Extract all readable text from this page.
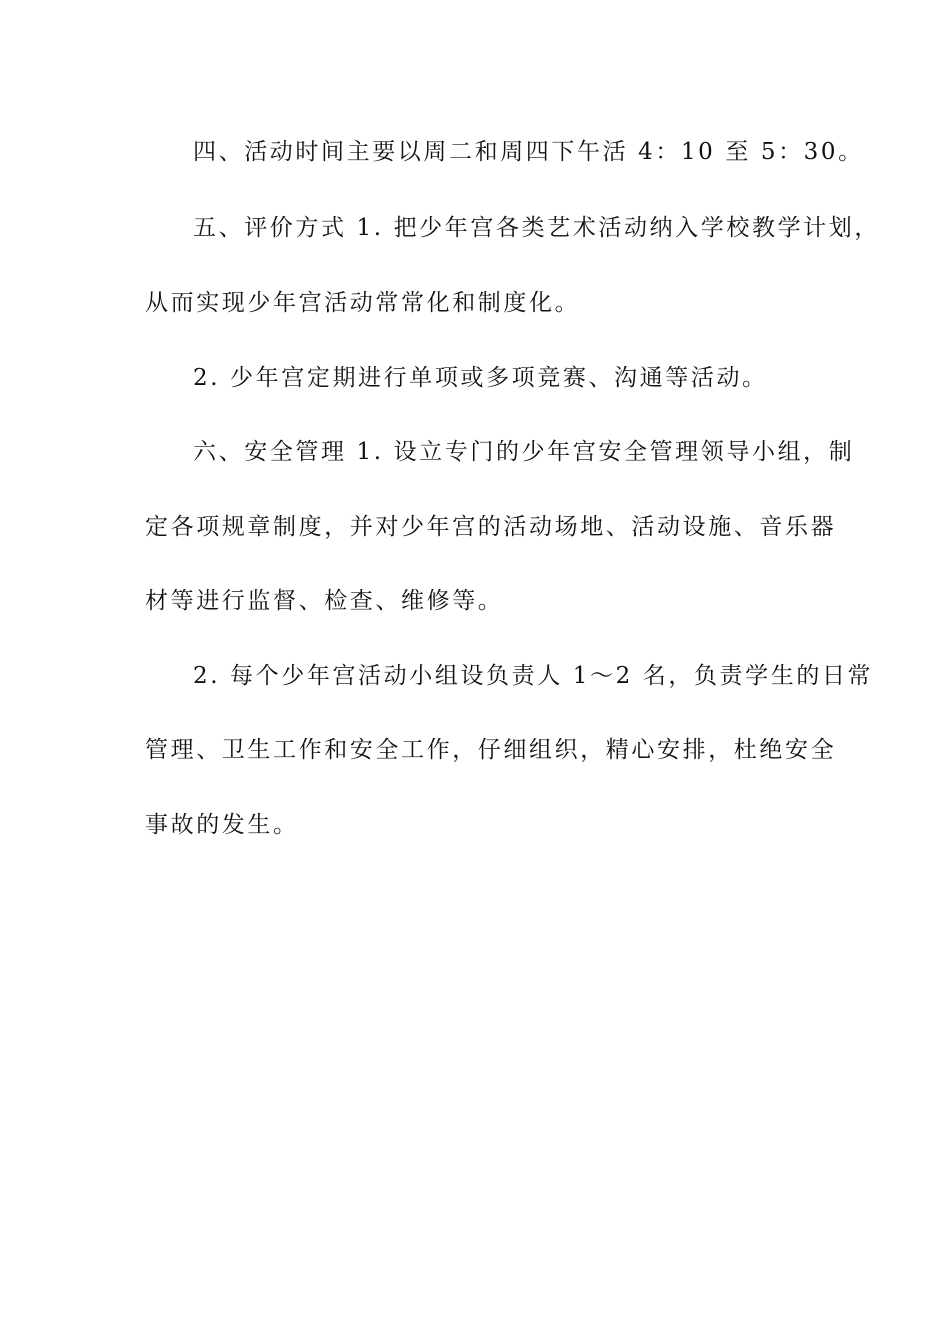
四、活动时间主要以周二和周四下午活 4：10 至 5：30。
五、评价方式 1. 把少年宫各类艺术活动纳入学校教学计划，
从而实现少年宫活动常常化和制度化。
2. 少年宫定期进行单项或多项竞赛、沟通等活动。
六、安全管理 1. 设立专门的少年宫安全管理领导小组，制
定各项规章制度，并对少年宫的活动场地、活动设施、音乐器
材等进行监督、检查、维修等。
2. 每个少年宫活动小组设负责人 1～2 名，负责学生的日常
管理、卫生工作和安全工作，仔细组织，精心安排，杜绝安全
事故的发生。
